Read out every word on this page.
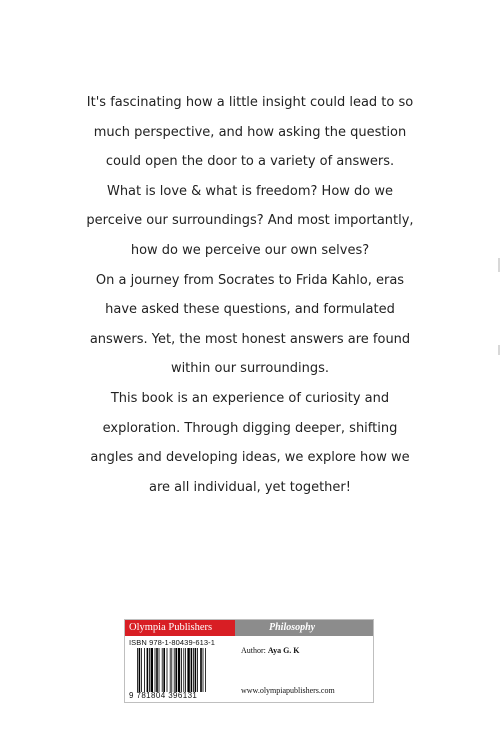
It's fascinating how a little insight could lead to so

much perspective, and how asking the question

could open the door to a variety of answers.

What is love & what is freedom? How do we

perceive our surroundings? And most importantly,

how do we perceive our own selves?

On a journey from Socrates to Frida Kahlo, eras

have asked these questions, and formulated

answers. Yet, the most honest answers are found

within our surroundings.

This book is an experience of curiosity and

exploration. Through digging deeper, shifting

angles and developing ideas, we explore how we

are all individual, yet together!

Olympia Publishers	Philosophy
ISBN 978-1-80439-613-1
9 781804 396131
Author: Aya G. K
www.olympiapublishers.com
